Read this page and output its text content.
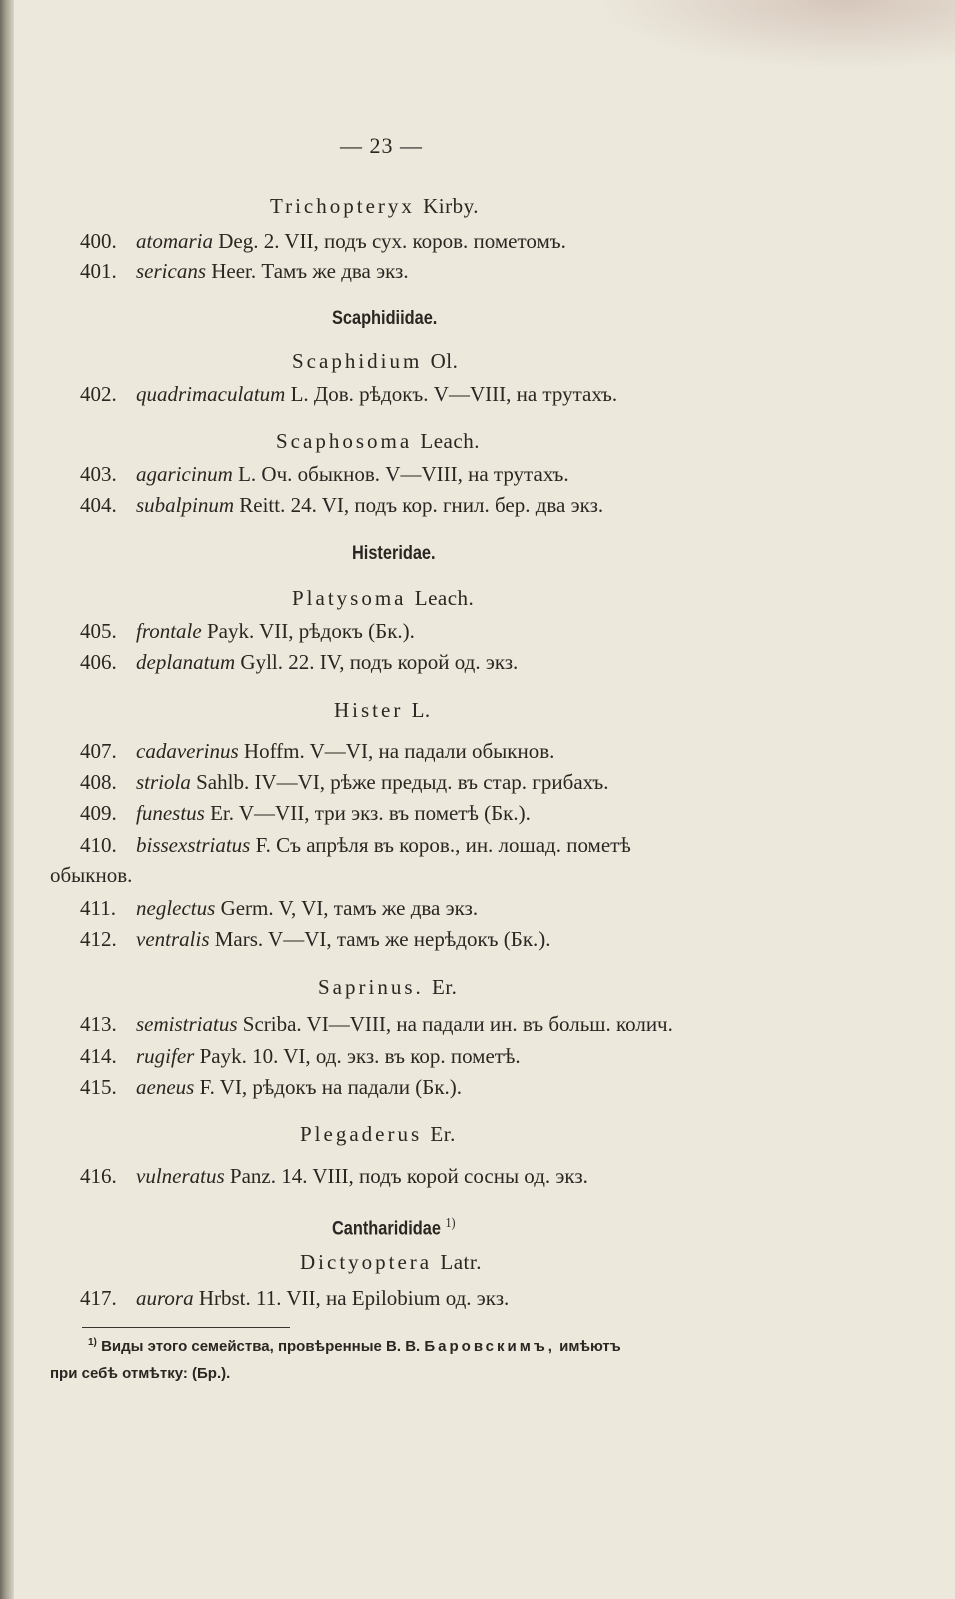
— 23 —
Trichopteryx Kirby.
400. atomaria Deg. 2. VII, подъ сух. коров. пометомъ.
401. sericans Heer. Тамъ же два экз.
Scaphidiidae.
Scaphidium Ol.
402. quadrimaculatum L. Дов. рѣдокъ. V—VIII, на трутахъ.
Scaphosoma Leach.
403. agaricinum L. Оч. обыкнов. V—VIII, на трутахъ.
404. subalpinum Reitt. 24. VI, подъ кор. гнил. бер. два экз.
Histeridae.
Platysoma Leach.
405. frontale Payk. VII, рѣдокъ (Бк.).
406. deplanatum Gyll. 22. IV, подъ корой од. экз.
Hister L.
407. cadaverinus Hoffm. V—VI, на падали обыкнов.
408. striola Sahlb. IV—VI, рѣже предыд. въ стар. грибахъ.
409. funestus Er. V—VII, три экз. въ пометѣ (Бк.).
410. bissexstriatus F. Съ апрѣля въ коров., ин. лошад. пометѣ
обыкнов.
411. neglectus Germ. V, VI, тамъ же два экз.
412. ventralis Mars. V—VI, тамъ же нерѣдокъ (Бк.).
Saprinus. Er.
413. semistriatus Scriba. VI—VIII, на падали ин. въ больш. колич.
414. rugifer Payk. 10. VI, од. экз. въ кор. пометѣ.
415. aeneus F. VI, рѣдокъ на падали (Бк.).
Plegaderus Er.
416. vulneratus Panz. 14. VIII, подъ корой сосны од. экз.
Cantharididae $^{1)}$
Dictyoptera Latr.
417. aurora Hrbst. 11. VII, на Epilobium од. экз.
$^{1)}$ Виды этого семейства, провѣренные В. В. Баровскимъ, имѣютъ
при себѣ отмѣтку: (Бр.).
